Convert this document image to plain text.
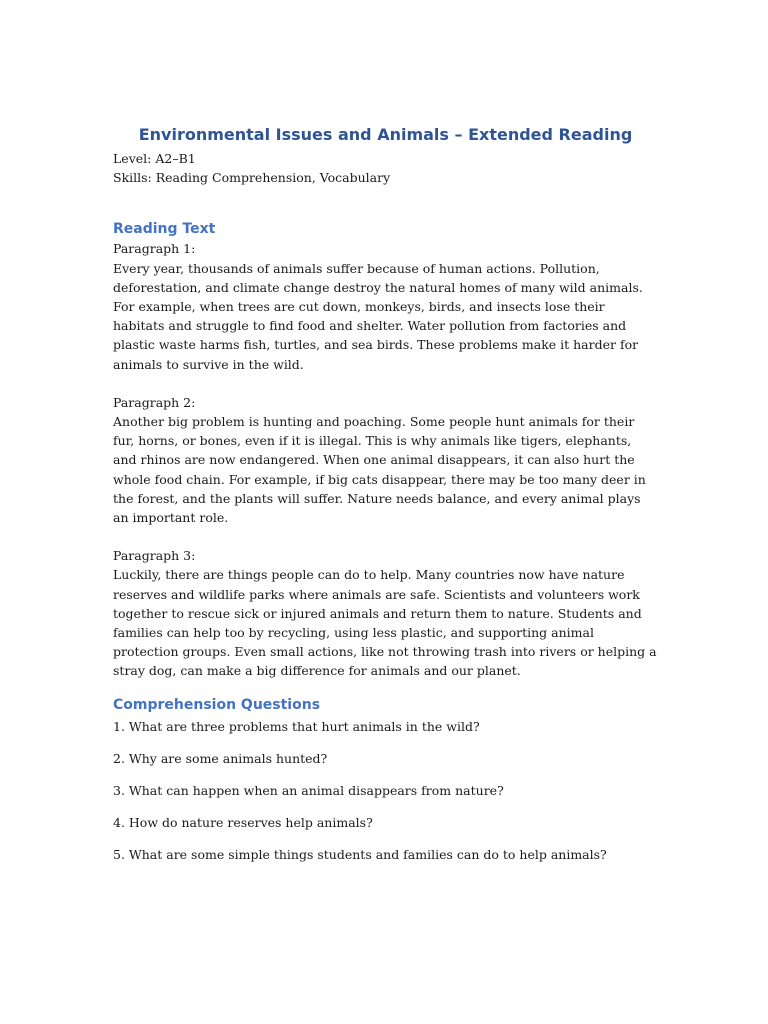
Environmental Issues and Animals – Extended Reading

Level: A2–B1

Skills: Reading Comprehension, Vocabulary

Reading Text

Paragraph 1:

Every year, thousands of animals suffer because of human actions. Pollution, deforestation, and climate change destroy the natural homes of many wild animals. For example, when trees are cut down, monkeys, birds, and insects lose their habitats and struggle to find food and shelter. Water pollution from factories and plastic waste harms fish, turtles, and sea birds. These problems make it harder for animals to survive in the wild.

Paragraph 2:

Another big problem is hunting and poaching. Some people hunt animals for their fur, horns, or bones, even if it is illegal. This is why animals like tigers, elephants, and rhinos are now endangered. When one animal disappears, it can also hurt the whole food chain. For example, if big cats disappear, there may be too many deer in the forest, and the plants will suffer. Nature needs balance, and every animal plays an important role.

Paragraph 3:

Luckily, there are things people can do to help. Many countries now have nature reserves and wildlife parks where animals are safe. Scientists and volunteers work together to rescue sick or injured animals and return them to nature. Students and families can help too by recycling, using less plastic, and supporting animal protection groups. Even small actions, like not throwing trash into rivers or helping a stray dog, can make a big difference for animals and our planet.

Comprehension Questions
1. What are three problems that hurt animals in the wild?
2. Why are some animals hunted?
3. What can happen when an animal disappears from nature?
4. How do nature reserves help animals?
5. What are some simple things students and families can do to help animals?
